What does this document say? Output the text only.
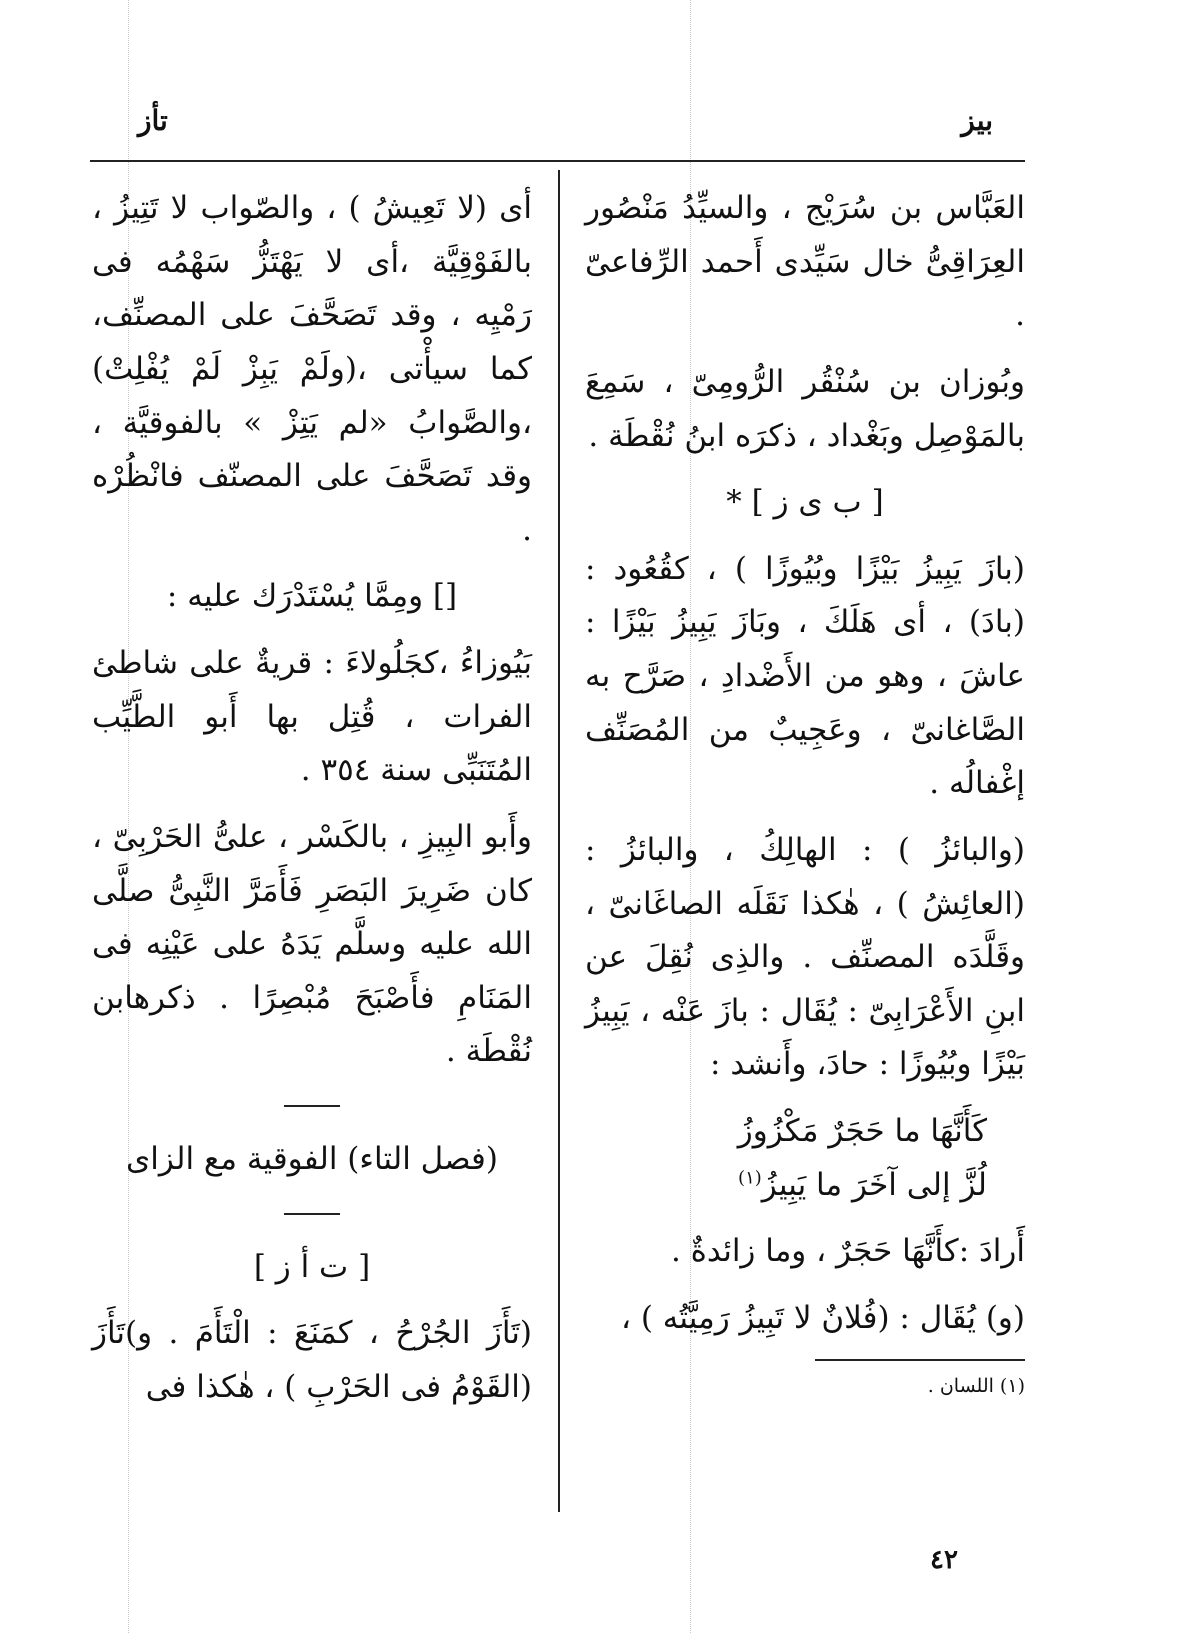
بيز
تأز

العَبَّاس بن سُرَيْج ، والسيِّدُ مَنْصُور العِرَاقِىُّ خال سَيِّدى أَحمد الرِّفاعىّ .

وبُوزان بن سُنْقُر الرُّومِىّ ، سَمِعَ بالمَوْصِل وبَغْداد ، ذكرَه ابنُ نُقْطَة .

[ ب ى ز ] *

(بازَ يَبِيزُ بَيْزًا وبُيُوزًا ) ، كقُعُود : (بادَ) ، أى هَلَكَ ، وبَازَ يَبِيزُ بَيْزًا : عاشَ ، وهو من الأَضْدادِ ، صَرَّح به الصَّاغانىّ ، وعَجِيبٌ من المُصَنِّف إغْفالُه .

(والبائزُ ) : الهالِكُ ، والبائزُ : (العائِشُ ) ، هٰكذا نَقَلَه الصاغَانىّ ، وقَلَّدَه المصنِّف . والذِى نُقِلَ عن ابنِ الأَعْرَابِىّ : يُقَال : بازَ عَنْه ، يَبِيزُ بَيْزًا وبُيُوزًا : حادَ، وأَنشد :

كَأَنَّهَا ما حَجَرٌ مَكْزُوزُ
لُزَّ إلى آخَرَ ما يَبِيزُ$^{(١)}$

أَرادَ :كأَنَّهَا حَجَرٌ ، وما زائدةٌ .

(و) يُقَال : (فُلانٌ لا تَبِيزُ رَمِيَّتُه ) ،

(١) اللسان .

أى (لا تَعِيشُ ) ، والصّواب لا تَتِيزُ ، بالفَوْقِيَّة ،أى لا يَهْتَزُّ سَهْمُه فى رَمْيِه ، وقد تَصَحَّفَ على المصنِّف، كما سيأْتى ،(ولَمْ يَبِزْ لَمْ يُفْلِتْ) ،والصَّوابُ «لم يَتِزْ » بالفوقيَّة ، وقد تَصَحَّفَ على المصنّف فانْظُرْه .

[] ومِمَّا يُسْتَدْرَك عليه :

بَيُوزاءُ ،كجَلُولاءَ : قريةٌ على شاطئ الفرات ، قُتِل بها أَبو الطَّيِّب المُتَنَبِّى سنة ٣٥٤ .

وأَبو البِيزِ ، بالكَسْر ، علىُّ الحَرْبِىّ ، كان ضَرِيرَ البَصَرِ فَأَمَرَّ النَّبِىُّ صلَّى الله عليه وسلَّم يَدَهُ على عَيْنِه فى المَنَامِ فأَصْبَحَ مُبْصِرًا . ذكرهابن نُقْطَة .

(فصل التاء) الفوقية مع الزاى

[ ت أ ز ]

(تَأَزَ الجُرْحُ ، كمَنَعَ : الْتَأَمَ . و)تَأَزَ (القَوْمُ فى الحَرْبِ ) ، هٰكذا فى

٤٢
